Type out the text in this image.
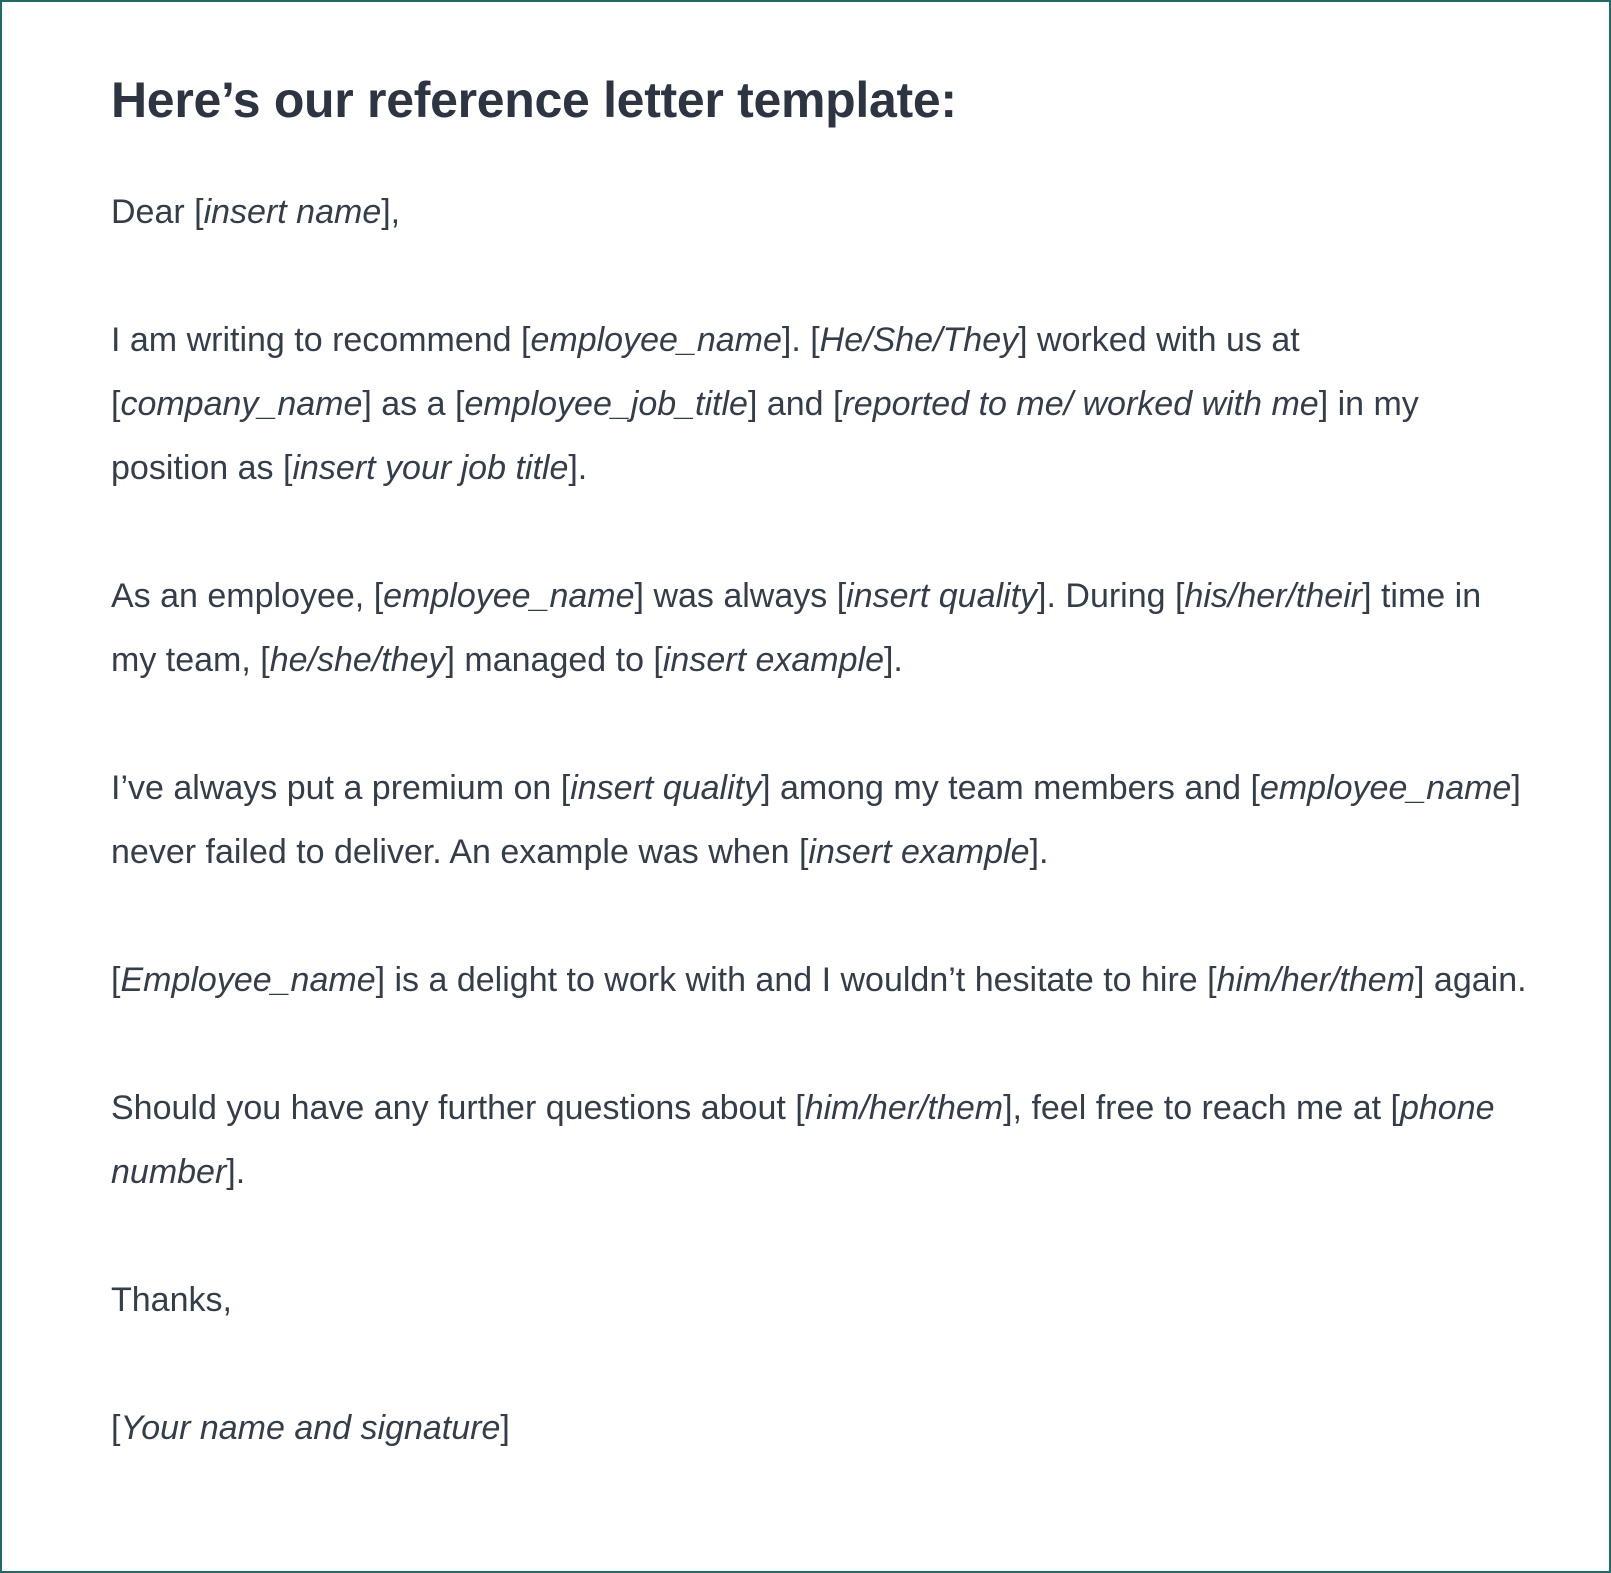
Here’s our reference letter template:

Dear [insert name],

I am writing to recommend [employee_name]. [He/She/They] worked with us at [company_name] as a [employee_job_title] and [reported to me/ worked with me] in my position as [insert your job title].

As an employee, [employee_name] was always [insert quality]. During [his/her/their] time in my team, [he/she/they] managed to [insert example].

I’ve always put a premium on [insert quality] among my team members and [employee_name] never failed to deliver. An example was when [insert example].

[Employee_name] is a delight to work with and I wouldn’t hesitate to hire [him/her/them] again.

Should you have any further questions about [him/her/them], feel free to reach me at [phone number].

Thanks,

[Your name and signature]
